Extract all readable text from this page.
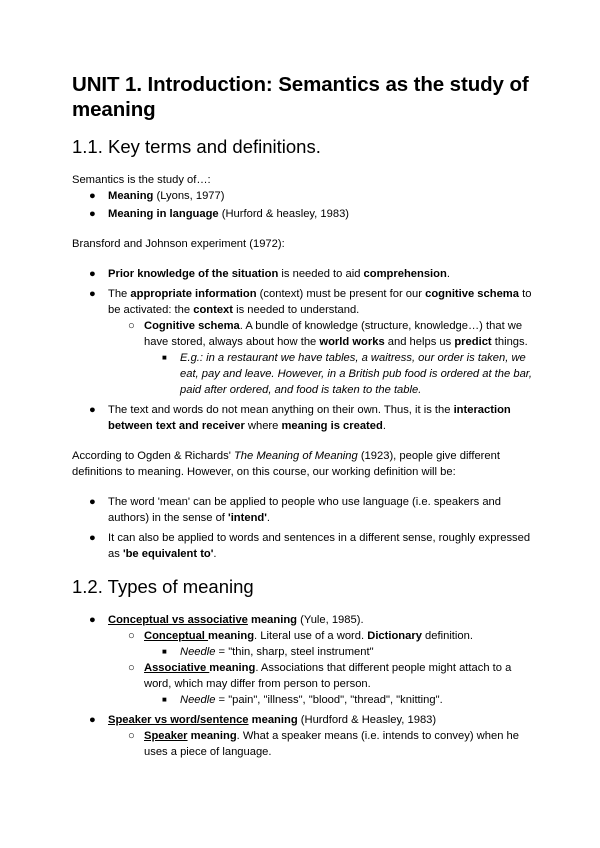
UNIT 1. Introduction: Semantics as the study of meaning
1.1. Key terms and definitions.

Semantics is the study of…:

● Meaning (Lyons, 1977)
● Meaning in language (Hurford & heasley, 1983)

Bransford and Johnson experiment (1972):

● Prior knowledge of the situation is needed to aid comprehension.
● The appropriate information (context) must be present for our cognitive schema to be activated: the context is needed to understand.
○ Cognitive schema. A bundle of knowledge (structure, knowledge…) that we have stored, always about how the world works and helps us predict things.
■ E.g.: in a restaurant we have tables, a waitress, our order is taken, we eat, pay and leave. However, in a British pub food is ordered at the bar, paid after ordered, and food is taken to the table.
● The text and words do not mean anything on their own. Thus, it is the interaction between text and receiver where meaning is created.

According to Ogden & Richards' The Meaning of Meaning (1923), people give different definitions to meaning. However, on this course, our working definition will be:

● The word 'mean' can be applied to people who use language (i.e. speakers and authors) in the sense of 'intend'.
● It can also be applied to words and sentences in a different sense, roughly expressed as 'be equivalent to'.
1.2. Types of meaning
● Conceptual vs associative meaning (Yule, 1985).
○ Conceptual meaning. Literal use of a word. Dictionary definition.
■ Needle = "thin, sharp, steel instrument"
○ Associative meaning. Associations that different people might attach to a word, which may differ from person to person.
■ Needle = "pain", "illness", "blood", "thread", "knitting".
● Speaker vs word/sentence meaning (Hurdford & Heasley, 1983)
○ Speaker meaning. What a speaker means (i.e. intends to convey) when he uses a piece of language.
